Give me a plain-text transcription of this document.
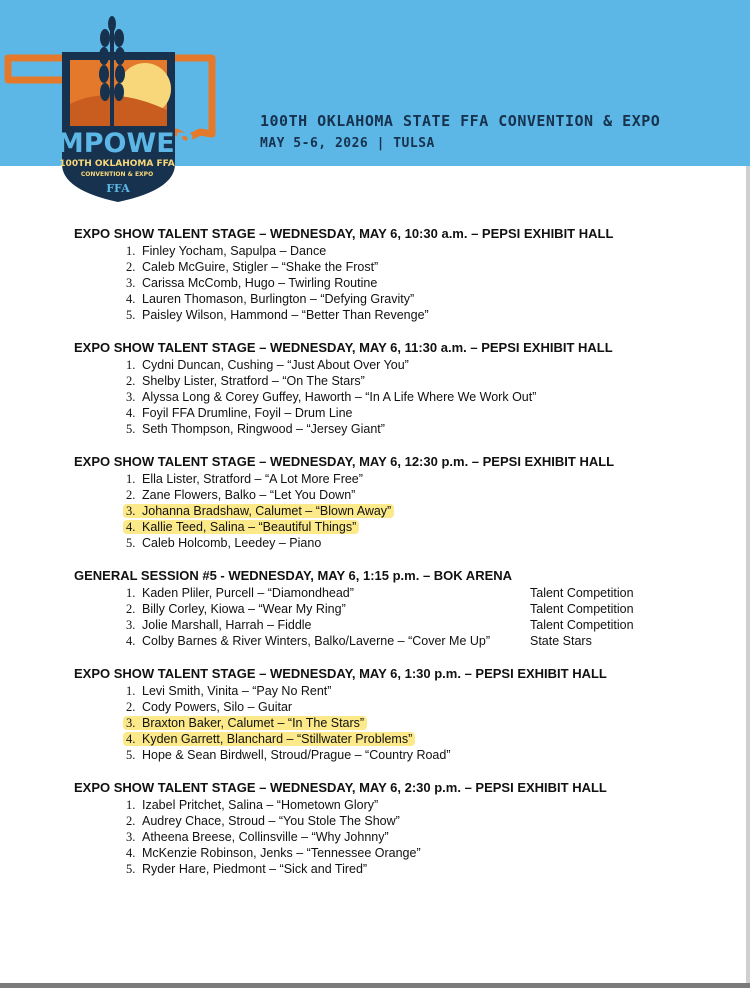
EMPOWER
100TH OKLAHOMA FFA
CONVENTION & EXPO
FFA
100TH OKLAHOMA STATE FFA CONVENTION & EXPO
MAY 5-6, 2026 | TULSA
EXPO SHOW TALENT STAGE – WEDNESDAY, MAY 6, 10:30 a.m. – PEPSI EXHIBIT HALL
1. Finley Yocham, Sapulpa – Dance
2. Caleb McGuire, Stigler – “Shake the Frost”
3. Carissa McComb, Hugo – Twirling Routine
4. Lauren Thomason, Burlington – “Defying Gravity”
5. Paisley Wilson, Hammond – “Better Than Revenge”
EXPO SHOW TALENT STAGE – WEDNESDAY, MAY 6, 11:30 a.m. – PEPSI EXHIBIT HALL
1. Cydni Duncan, Cushing – “Just About Over You”
2. Shelby Lister, Stratford – “On The Stars”
3. Alyssa Long & Corey Guffey, Haworth – “In A Life Where We Work Out”
4. Foyil FFA Drumline, Foyil – Drum Line
5. Seth Thompson, Ringwood – “Jersey Giant”
EXPO SHOW TALENT STAGE – WEDNESDAY, MAY 6, 12:30 p.m. – PEPSI EXHIBIT HALL
1. Ella Lister, Stratford – “A Lot More Free”
2. Zane Flowers, Balko – “Let You Down”
3. Johanna Bradshaw, Calumet – “Blown Away”
4. Kallie Teed, Salina – “Beautiful Things”
5. Caleb Holcomb, Leedey – Piano
GENERAL SESSION #5 - WEDNESDAY, MAY 6, 1:15 p.m. – BOK ARENA
1. Kaden Pliler, Purcell – “Diamondhead”	Talent Competition
2. Billy Corley, Kiowa – “Wear My Ring”	Talent Competition
3. Jolie Marshall, Harrah – Fiddle	Talent Competition
4. Colby Barnes & River Winters, Balko/Laverne – “Cover Me Up”	State Stars
EXPO SHOW TALENT STAGE – WEDNESDAY, MAY 6, 1:30 p.m. – PEPSI EXHIBIT HALL
1. Levi Smith, Vinita – “Pay No Rent”
2. Cody Powers, Silo – Guitar
3. Braxton Baker, Calumet – “In The Stars”
4. Kyden Garrett, Blanchard – “Stillwater Problems”
5. Hope & Sean Birdwell, Stroud/Prague – “Country Road”
EXPO SHOW TALENT STAGE – WEDNESDAY, MAY 6, 2:30 p.m. – PEPSI EXHIBIT HALL
1. Izabel Pritchet, Salina – “Hometown Glory”
2. Audrey Chace, Stroud – “You Stole The Show”
3. Atheena Breese, Collinsville – “Why Johnny”
4. McKenzie Robinson, Jenks – “Tennessee Orange”
5. Ryder Hare, Piedmont – “Sick and Tired”
